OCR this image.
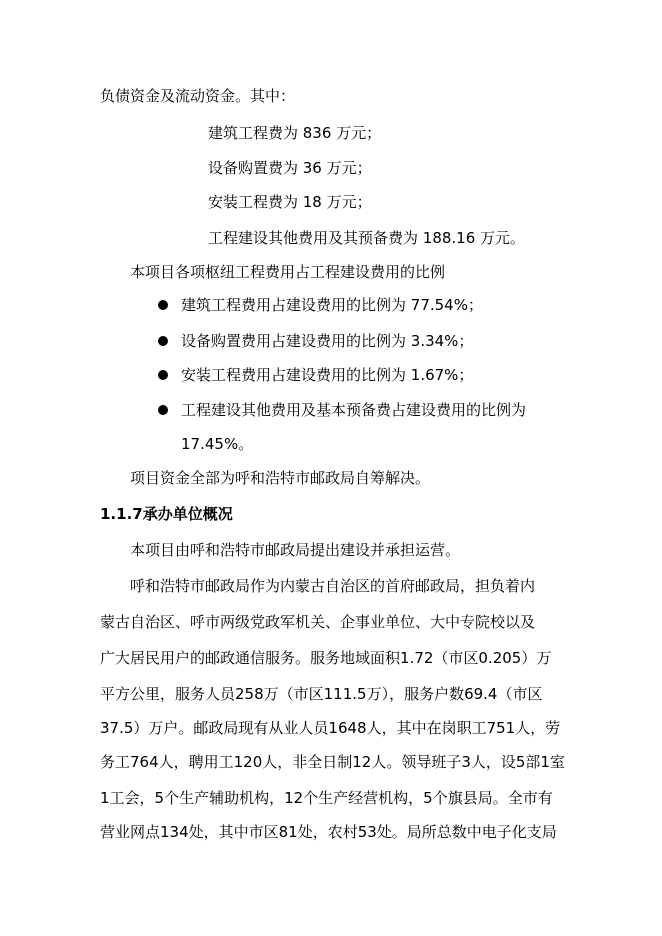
负债资金及流动资金。其中：
建筑工程费为 836 万元；
设备购置费为 36 万元；
安装工程费为 18 万元；
工程建设其他费用及其预备费为 188.16 万元。
本项目各项枢纽工程费用占工程建设费用的比例
建筑工程费用占建设费用的比例为 77.54%；
设备购置费用占建设费用的比例为 3.34%；
安装工程费用占建设费用的比例为 1.67%；
工程建设其他费用及基本预备费占建设费用的比例为
17.45%。
项目资金全部为呼和浩特市邮政局自筹解决。
1.1.7承办单位概况
本项目由呼和浩特市邮政局提出建设并承担运营。
呼和浩特市邮政局作为内蒙古自治区的首府邮政局，担负着内
蒙古自治区、呼市两级党政军机关、企事业单位、大中专院校以及
广大居民用户的邮政通信服务。服务地域面积1.72（市区0.205）万
平方公里，服务人员258万（市区111.5万），服务户数69.4（市区
37.5）万户。邮政局现有从业人员1648人，其中在岗职工751人，劳
务工764人，聘用工120人，非全日制12人。领导班子3人，设5部1室
1工会，5个生产辅助机构，12个生产经营机构，5个旗县局。全市有
营业网点134处，其中市区81处，农村53处。局所总数中电子化支局
